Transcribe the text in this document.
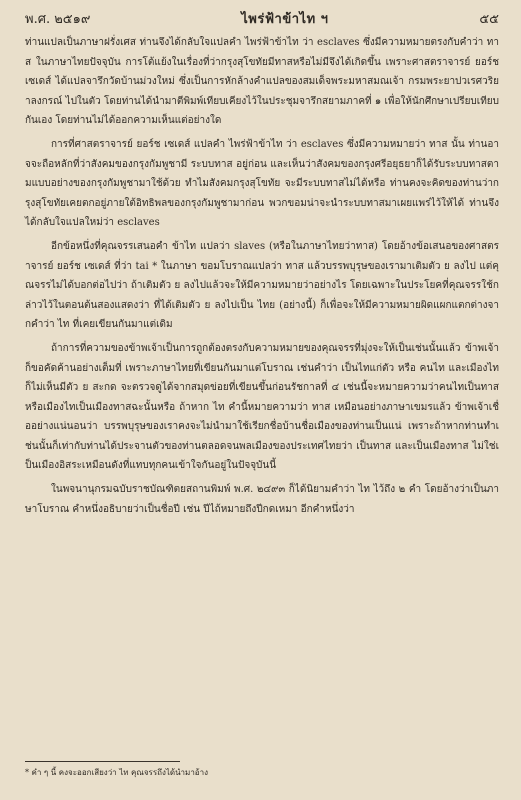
พ.ศ. ๒๕๑๙	ไพร่ฟ้าข้าไท ฯ	๕๕

ท่านแปลเป็นภาษาฝรั่งเศส ท่านจึงได้กลับใจแปลคำ ไพร่ฟ้าข้าไท ว่า esclaves ซึ่งมีความหมายตรงกับคำว่า ทาส ในภาษาไทยปัจจุบัน การโต้แย้งในเรื่องที่ว่ากรุงสุโขทัยมีทาสหรือไม่มีจึงได้เกิดขึ้น เพราะศาสตราจารย์ ยอร์ช เซเดส์ ได้แปลจารึกวัดบ้านม่วงใหม่ ซึ่งเป็นการหักล้างคำแปลของสมเด็จพระมหาสมณเจ้า กรมพระยาปวเรศวริยาลงกรณ์ ไปในตัว โดยท่านได้นำมาตีพิมพ์เทียบเคียงไว้ในประชุมจารึกสยามภาคที่ ๑ เพื่อให้นักศึกษาเปรียบเทียบกันเอง โดยท่านไม่ได้ออกความเห็นแต่อย่างใด

การที่ศาสตราจารย์ ยอร์ช เซเดส์ แปลคำ ไพร่ฟ้าข้าไท ว่า esclaves ซึ่งมีความหมายว่า ทาส นั้น ท่านอาจจะถือหลักที่ว่าสังคมของกรุงกัมพูชามี ระบบทาส อยู่ก่อน และเห็นว่าสังคมของกรุงศรีอยุธยาก็ได้รับระบบทาสตามแบบอย่างของกรุงกัมพูชามาใช้ด้วย ทำไมสังคมกรุงสุโขทัย จะมีระบบทาสไม่ได้หรือ ท่านคงจะคิดของท่านว่ากรุงสุโขทัยเคยตกอยู่ภายใต้อิทธิพลของกรุงกัมพูชามาก่อน พวกขอมน่าจะนำระบบทาสมาเผยแพร่ไว้ให้ได้ ท่านจึงได้กลับใจแปลใหม่ว่า esclaves

อีกข้อหนึ่งที่คุณจรรเสนอคำ ข้าไท แปลว่า slaves (หรือในภาษาไทยว่าทาส) โดยอ้างข้อเสนอของศาสตราจารย์ ยอร์ช เซเดส์ ที่ว่า tai * ในภาษา ขอมโบราณแปลว่า ทาส แล้วบรรพบุรุษของเรามาเติมตัว ย ลงไป แต่คุณจรรไม่ได้บอกต่อไปว่า ถ้าเติมตัว ย ลงไปแล้วจะให้มีความหมายว่าอย่างไร โดยเฉพาะในประโยคที่คุณจรรใช้กล่าวไว้ในตอนต้นสองแสดงว่า ที่ได้เติมตัว ย ลงไปเป็น ไทย (อย่างนี้) ก็เพื่อจะให้มีความหมายผิดแผกแตกต่างจากคำว่า ไท ที่เคยเขียนกันมาแต่เดิม

ถ้าการที่ความของข้าพเจ้าเป็นการถูกต้องตรงกับความหมายของคุณจรรที่มุ่งจะให้เป็นเช่นนั้นแล้ว ข้าพเจ้าก็ขอคัดค้านอย่างเต็มที่ เพราะภาษาไทยที่เขียนกันมาแต่โบราณ เช่นคำว่า เป็นไทแก่ตัว หรือ คนไท และเมืองไท ก็ไม่เห็นมีตัว ย สะกด จะตรวจดูได้จากสมุดข่อยที่เขียนขึ้นก่อนรัชกาลที่ ๔ เช่นนี้จะหมายความว่าคนไทเป็นทาส หรือเมืองไทเป็นเมืองทาสฉะนั้นหรือ ถ้าหาก ไท คำนี้หมายความว่า ทาส เหมือนอย่างภาษาเขมรแล้ว ข้าพเจ้าเชื่ออย่างแน่นอนว่า บรรพบุรุษของเราคงจะไม่นำมาใช้เรียกชื่อบ้านชื่อเมืองของท่านเป็นแน่ เพราะถ้าหากท่านทำเช่นนั้นก็เท่ากับท่านได้ประจานตัวของท่านตลอดจนพลเมืองของประเทศไทยว่า เป็นทาส และเป็นเมืองทาส ไม่ใช่เป็นเมืองอิสระเหมือนดังที่แทบทุกคนเข้าใจกันอยู่ในปัจจุบันนี้

ในพจนานุกรมฉบับราชบัณฑิตยสถานพิมพ์ พ.ศ. ๒๔๙๓ ก็ได้นิยามคำว่า ไท ไว้ถึง ๒ คำ โดยอ้างว่าเป็นภาษาโบราณ คำหนึ่งอธิบายว่าเป็นชื่อปี เช่น ปีไถ้หมายถึงปีกดเหมา อีกคำหนึ่งว่า

* คำ ๆ นี้ คงจะออกเสียงว่า ไท คุณจรรถึงได้นำมาอ้าง
